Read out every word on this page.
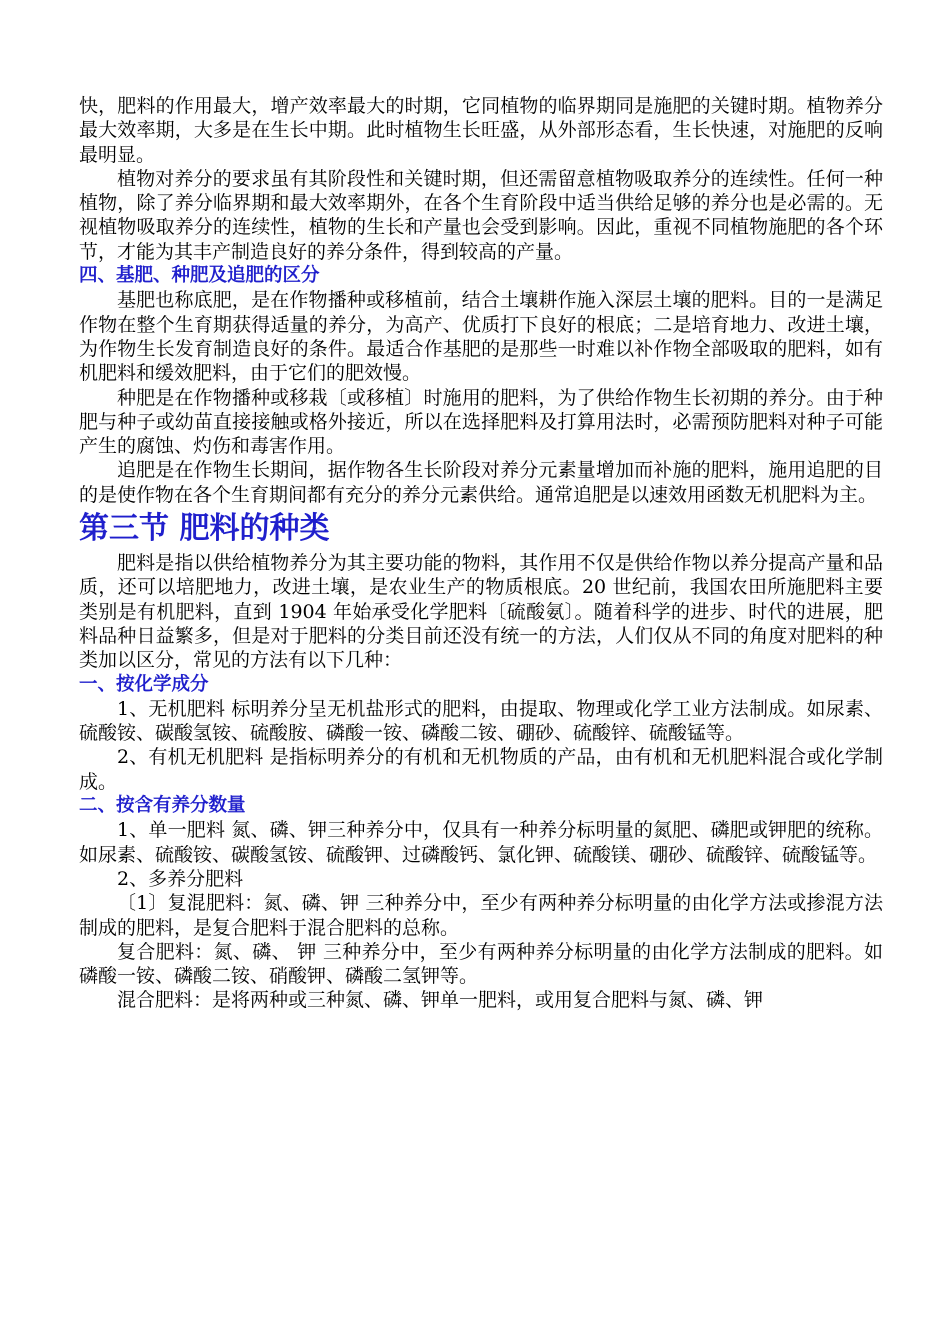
快，肥料的作用最大，增产效率最大的时期，它同植物的临界期同是施肥的关键时期。植物养分最大效率期，大多是在生长中期。此时植物生长旺盛，从外部形态看，生长快速，对施肥的反响最明显。

植物对养分的要求虽有其阶段性和关键时期，但还需留意植物吸取养分的连续性。任何一种植物，除了养分临界期和最大效率期外，在各个生育阶段中适当供给足够的养分也是必需的。无视植物吸取养分的连续性，植物的生长和产量也会受到影响。因此，重视不同植物施肥的各个环节，才能为其丰产制造良好的养分条件，得到较高的产量。

四、基肥、种肥及追肥的区分

基肥也称底肥，是在作物播种或移植前，结合土壤耕作施入深层土壤的肥料。目的一是满足作物在整个生育期获得适量的养分，为高产、优质打下良好的根底；二是培育地力、改进土壤，为作物生长发育制造良好的条件。最适合作基肥的是那些一时难以补作物全部吸取的肥料，如有机肥料和缓效肥料，由于它们的肥效慢。

种肥是在作物播种或移栽〔或移植〕时施用的肥料，为了供给作物生长初期的养分。由于种肥与种子或幼苗直接接触或格外接近，所以在选择肥料及打算用法时，必需预防肥料对种子可能产生的腐蚀、灼伤和毒害作用。

追肥是在作物生长期间，据作物各生长阶段对养分元素量增加而补施的肥料，施用追肥的目的是使作物在各个生育期间都有充分的养分元素供给。通常追肥是以速效用函数无机肥料为主。

第三节 肥料的种类

肥料是指以供给植物养分为其主要功能的物料，其作用不仅是供给作物以养分提高产量和品质，还可以培肥地力，改进土壤，是农业生产的物质根底。20 世纪前，我国农田所施肥料主要类别是有机肥料，直到 1904 年始承受化学肥料〔硫酸氨〕。随着科学的进步、时代的进展，肥料品种日益繁多，但是对于肥料的分类目前还没有统一的方法，人们仅从不同的角度对肥料的种类加以区分，常见的方法有以下几种：

一、按化学成分

1、无机肥料 标明养分呈无机盐形式的肥料，由提取、物理或化学工业方法制成。如尿素、硫酸铵、碳酸氢铵、硫酸胺、磷酸一铵、磷酸二铵、硼砂、硫酸锌、硫酸锰等。

2、有机无机肥料 是指标明养分的有机和无机物质的产品，由有机和无机肥料混合或化学制成。

二、按含有养分数量

1、单一肥料 氮、磷、钾三种养分中，仅具有一种养分标明量的氮肥、磷肥或钾肥的统称。如尿素、硫酸铵、碳酸氢铵、硫酸钾、过磷酸钙、氯化钾、硫酸镁、硼砂、硫酸锌、硫酸锰等。

2、多养分肥料

〔1〕复混肥料：氮、磷、钾 三种养分中，至少有两种养分标明量的由化学方法或掺混方法制成的肥料，是复合肥料于混合肥料的总称。

复合肥料：氮、磷、 钾 三种养分中，至少有两种养分标明量的由化学方法制成的肥料。如磷酸一铵、磷酸二铵、硝酸钾、磷酸二氢钾等。

混合肥料：是将两种或三种氮、磷、钾单一肥料，或用复合肥料与氮、磷、钾
